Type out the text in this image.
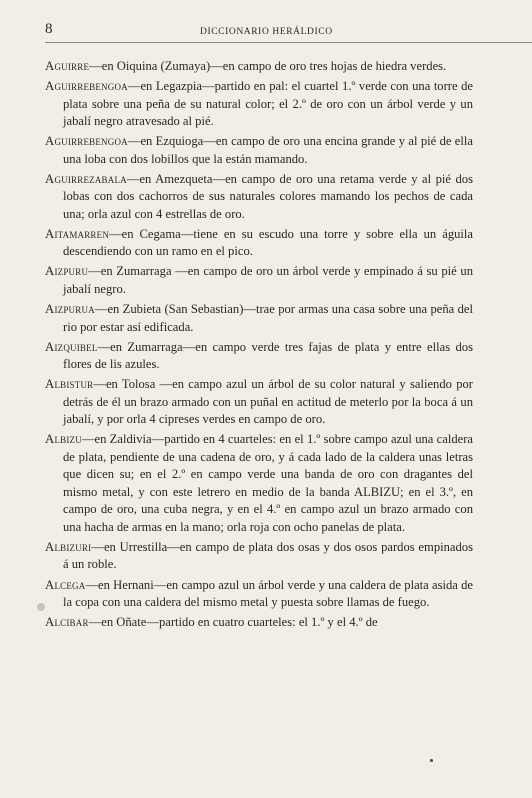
8	DICCIONARIO HERÁLDICO

Aguirre—en Oiquina (Zumaya)—en campo de oro tres hojas de hiedra verdes.

Aguirrebengoa—en Legazpia—partido en pal: el cuartel 1.º verde con una torre de plata sobre una peña de su natural color; el 2.º de oro con un árbol verde y un jabalí negro atravesado al pié.

Aguirrebengoa—en Ezquioga—en campo de oro una encina grande y al pié de ella una loba con dos lobillos que la están mamando.

Aguirrezabala—en Amezqueta—en campo de oro una retama verde y al pié dos lobas con dos cachorros de sus naturales colores mamando los pechos de cada una; orla azul con 4 estrellas de oro.

Aitamarren—en Cegama—tiene en su escudo una torre y sobre ella un águila descendiendo con un ramo en el pico.

Aizpuru—en Zumarraga —en campo de oro un árbol verde y empinado á su pié un jabalí negro.

Aizpurua—en Zubieta (San Sebastian)—trae por armas una casa sobre una peña del rio por estar así edificada.

Aizquibel—en Zumarraga—en campo verde tres fajas de plata y entre ellas dos flores de lis azules.

Albistur—en Tolosa —en campo azul un árbol de su color natural y saliendo por detrás de él un brazo armado con un puñal en actitud de meterlo por la boca á un jabalí, y por orla 4 cipreses verdes en campo de oro.

Albizu—en Zaldivia—partido en 4 cuarteles: en el 1.º sobre campo azul una caldera de plata, pendiente de una cadena de oro, y á cada lado de la caldera unas letras que dicen su; en el 2.º en campo verde una banda de oro con dragantes del mismo metal, y con este letrero en medio de la banda ALBIZU; en el 3.º, en campo de oro, una cuba negra, y en el 4.º en campo azul un brazo armado con una hacha de armas en la mano; orla roja con ocho panelas de plata.

Albizuri—en Urrestilla—en campo de plata dos osas y dos osos pardos empinados á un roble.

Alcega—en Hernani—en campo azul un árbol verde y una caldera de plata asida de la copa con una caldera del mismo metal y puesta sobre llamas de fuego.

Alcibar—en Oñate—partido en cuatro cuarteles: el 1.º y el 4.º de
